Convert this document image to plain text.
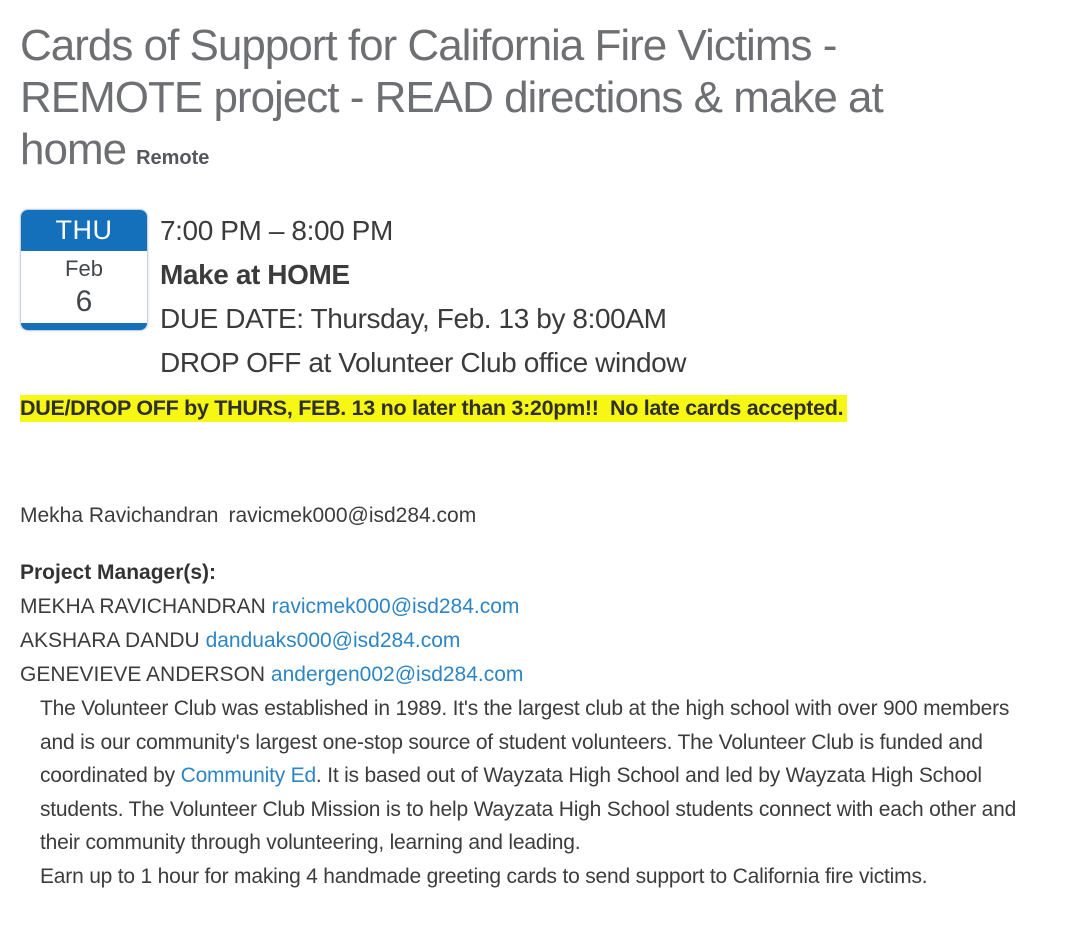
Cards of Support for California Fire Victims - REMOTE project - READ directions & make at home Remote
THU
Feb
6
7:00 PM – 8:00 PM
Make at HOME
DUE DATE: Thursday, Feb. 13 by 8:00AM
DROP OFF at Volunteer Club office window
DUE/DROP OFF by THURS, FEB. 13 no later than 3:20pm!!  No late cards accepted.
Mekha Ravichandran ravicmek000@isd284.com
Project Manager(s):
MEKHA RAVICHANDRAN ravicmek000@isd284.com
AKSHARA DANDU danduaks000@isd284.com
GENEVIEVE ANDERSON andergen002@isd284.com
The Volunteer Club was established in 1989. It's the largest club at the high school with over 900 members and is our community's largest one-stop source of student volunteers. The Volunteer Club is funded and coordinated by Community Ed. It is based out of Wayzata High School and led by Wayzata High School students. The Volunteer Club Mission is to help Wayzata High School students connect with each other and their community through volunteering, learning and leading.
Earn up to 1 hour for making 4 handmade greeting cards to send support to California fire victims.
